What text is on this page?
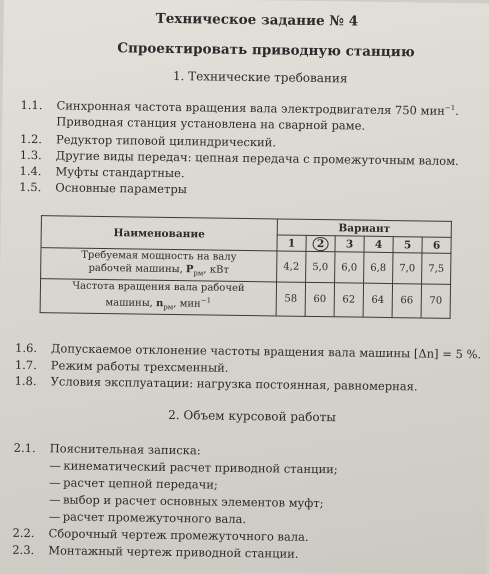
Техническое задание № 4
Спроектировать приводную станцию
1. Технические требования
1.1. Синхронная частота вращения вала электродвигателя 750 мин$^{-1}$.
Приводная станция установлена на сварной раме.
1.2. Редуктор типовой цилиндрический.
1.3. Другие виды передач: цепная передача с промежуточным валом.
1.4. Муфты стандартные.
1.5. Основные параметры
Наименование	Вариант					
	1	2	3	4	5	6
Требуемая мощность на валу
рабочей машины, $P_{рм}$, кВт	4,2	5,0	6,0	6,8	7,0	7,5
Частота вращения вала рабочей
машины, $n_{рм}$, мин$^{-1}$	58	60	62	64	66	70
1.6. Допускаемое отклонение частоты вращения вала машины [Δn] = 5 %.
1.7. Режим работы трехсменный.
1.8. Условия эксплуатации: нагрузка постоянная, равномерная.
2. Объем курсовой работы
2.1. Пояснительная записка:
— кинематический расчет приводной станции;
— расчет цепной передачи;
— выбор и расчет основных элементов муфт;
— расчет промежуточного вала.
2.2. Сборочный чертеж промежуточного вала.
2.3. Монтажный чертеж приводной станции.
